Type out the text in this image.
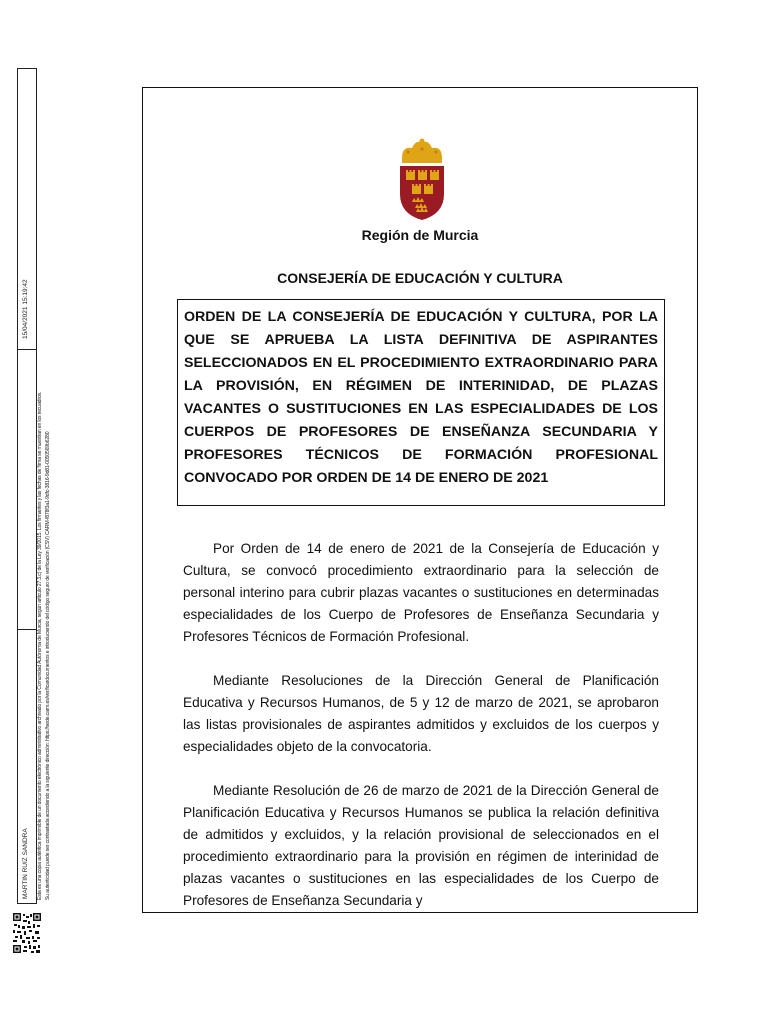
15/04/2021 15:19:42
MARTIN RUIZ SANDRA Esta es una copia auténtica imprimible de un documento electrónico administrativo archivado por la Comunidad Autónoma de Murcia, según artículo 27.3.c) de la Ley 39/2015. Los firmantes y las fechas de firma se muestran en los recuadros. Su autenticidad puede ser contrastada accediendo a la siguiente dirección: https://sede.carm.es/verificardocumentos e introduciendo del código seguro de verificación (CSV) CARM-f878f3a1-9dfc-3816-9d81-0050569b6280
Región de Murcia
CONSEJERÍA DE EDUCACIÓN Y CULTURA

ORDEN DE LA CONSEJERÍA DE EDUCACIÓN Y CULTURA, POR LA QUE SE APRUEBA LA LISTA DEFINITIVA DE ASPIRANTES SELECCIONADOS EN EL PROCEDIMIENTO EXTRAORDINARIO PARA LA PROVISIÓN, EN RÉGIMEN DE INTERINIDAD, DE PLAZAS VACANTES O SUSTITUCIONES EN LAS ESPECIALIDADES DE LOS CUERPOS DE PROFESORES DE ENSEÑANZA SECUNDARIA Y PROFESORES TÉCNICOS DE FORMACIÓN PROFESIONAL CONVOCADO POR ORDEN DE 14 DE ENERO DE 2021

Por Orden de 14 de enero de 2021 de la Consejería de Educación y Cultura, se convocó procedimiento extraordinario para la selección de personal interino para cubrir plazas vacantes o sustituciones en determinadas especialidades de los Cuerpo de Profesores de Enseñanza Secundaria y Profesores Técnicos de Formación Profesional.

Mediante Resoluciones de la Dirección General de Planificación Educativa y Recursos Humanos, de 5 y 12 de marzo de 2021, se aprobaron las listas provisionales de aspirantes admitidos y excluidos de los cuerpos y especialidades objeto de la convocatoria.

Mediante Resolución de 26 de marzo de 2021 de la Dirección General de Planificación Educativa y Recursos Humanos se publica la relación definitiva de admitidos y excluidos, y la relación provisional de seleccionados en el procedimiento extraordinario para la provisión en régimen de interinidad de plazas vacantes o sustituciones en las especialidades de los Cuerpo de Profesores de Enseñanza Secundaria y
